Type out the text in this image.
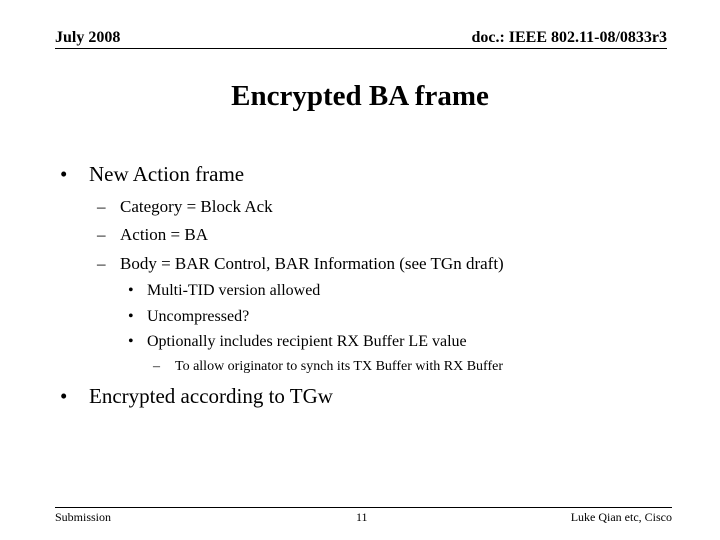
July 2008	doc.: IEEE 802.11-08/0833r3
Encrypted BA frame
• New Action frame
– Category = Block Ack
– Action = BA
– Body = BAR Control, BAR Information (see TGn draft)
• Multi-TID version allowed
• Uncompressed?
• Optionally includes recipient RX Buffer LE value
– To allow originator to synch its TX Buffer with RX Buffer
• Encrypted according to TGw
Submission	11	Luke Qian etc, Cisco
